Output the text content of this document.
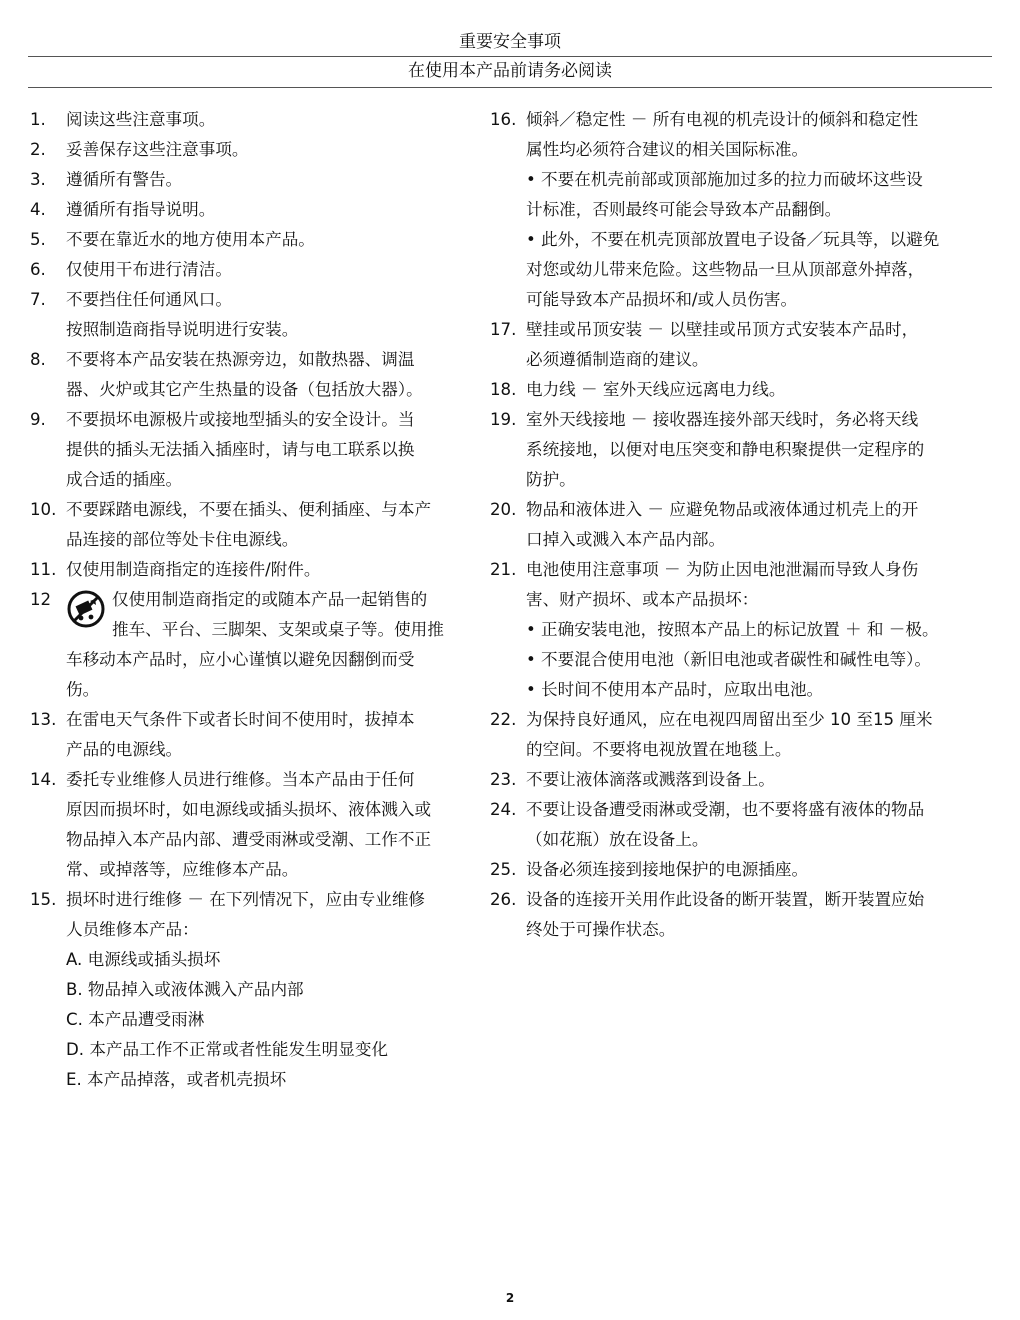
重要安全事项
在使用本产品前请务必阅读
1. 阅读这些注意事项。
2. 妥善保存这些注意事项。
3. 遵循所有警告。
4. 遵循所有指导说明。
5. 不要在靠近水的地方使用本产品。
6. 仅使用干布进行清洁。
7. 不要挡住任何通风口。
按照制造商指导说明进行安装。
8. 不要将本产品安装在热源旁边，如散热器、调温
器、火炉或其它产生热量的设备（包括放大器）。
9. 不要损坏电源极片或接地型插头的安全设计。当
提供的插头无法插入插座时，请与电工联系以换
成合适的插座。
10. 不要踩踏电源线，不要在插头、便利插座、与本产
品连接的部位等处卡住电源线。
11. 仅使用制造商指定的连接件/附件。
12	仅使用制造商指定的或随本产品一起销售的
推车、平台、三脚架、支架或桌子等。使用推
车移动本产品时，应小心谨慎以避免因翻倒而受
伤。
13. 在雷电天气条件下或者长时间不使用时，拔掉本
产品的电源线。
14. 委托专业维修人员进行维修。当本产品由于任何
原因而损坏时，如电源线或插头损坏、液体溅入或
物品掉入本产品内部、遭受雨淋或受潮、工作不正
常、或掉落等，应维修本产品。
15. 损坏时进行维修 － 在下列情况下，应由专业维修
人员维修本产品：
A. 电源线或插头损坏
B. 物品掉入或液体溅入产品内部
C. 本产品遭受雨淋
D. 本产品工作不正常或者性能发生明显变化
E. 本产品掉落，或者机壳损坏
16. 倾斜／稳定性 － 所有电视的机壳设计的倾斜和稳定性
属性均必须符合建议的相关国际标准。
• 不要在机壳前部或顶部施加过多的拉力而破坏这些设
计标准，否则最终可能会导致本产品翻倒。
• 此外，不要在机壳顶部放置电子设备／玩具等，以避免
对您或幼儿带来危险。这些物品一旦从顶部意外掉落，
可能导致本产品损坏和/或人员伤害。
17. 壁挂或吊顶安装 － 以壁挂或吊顶方式安装本产品时，
必须遵循制造商的建议。
18. 电力线 － 室外天线应远离电力线。
19. 室外天线接地 － 接收器连接外部天线时，务必将天线
系统接地，以便对电压突变和静电积聚提供一定程序的
防护。
20. 物品和液体进入 － 应避免物品或液体通过机壳上的开
口掉入或溅入本产品内部。
21. 电池使用注意事项 － 为防止因电池泄漏而导致人身伤
害、财产损坏、或本产品损坏：
• 正确安装电池，按照本产品上的标记放置 ＋ 和 －极。
• 不要混合使用电池（新旧电池或者碳性和碱性电等）。
• 长时间不使用本产品时，应取出电池。
22. 为保持良好通风，应在电视四周留出至少 10 至15 厘米
的空间。不要将电视放置在地毯上。
23. 不要让液体滴落或溅落到设备上。
24. 不要让设备遭受雨淋或受潮，也不要将盛有液体的物品
（如花瓶）放在设备上。
25. 设备必须连接到接地保护的电源插座。
26. 设备的连接开关用作此设备的断开装置，断开装置应始
终处于可操作状态。
2
